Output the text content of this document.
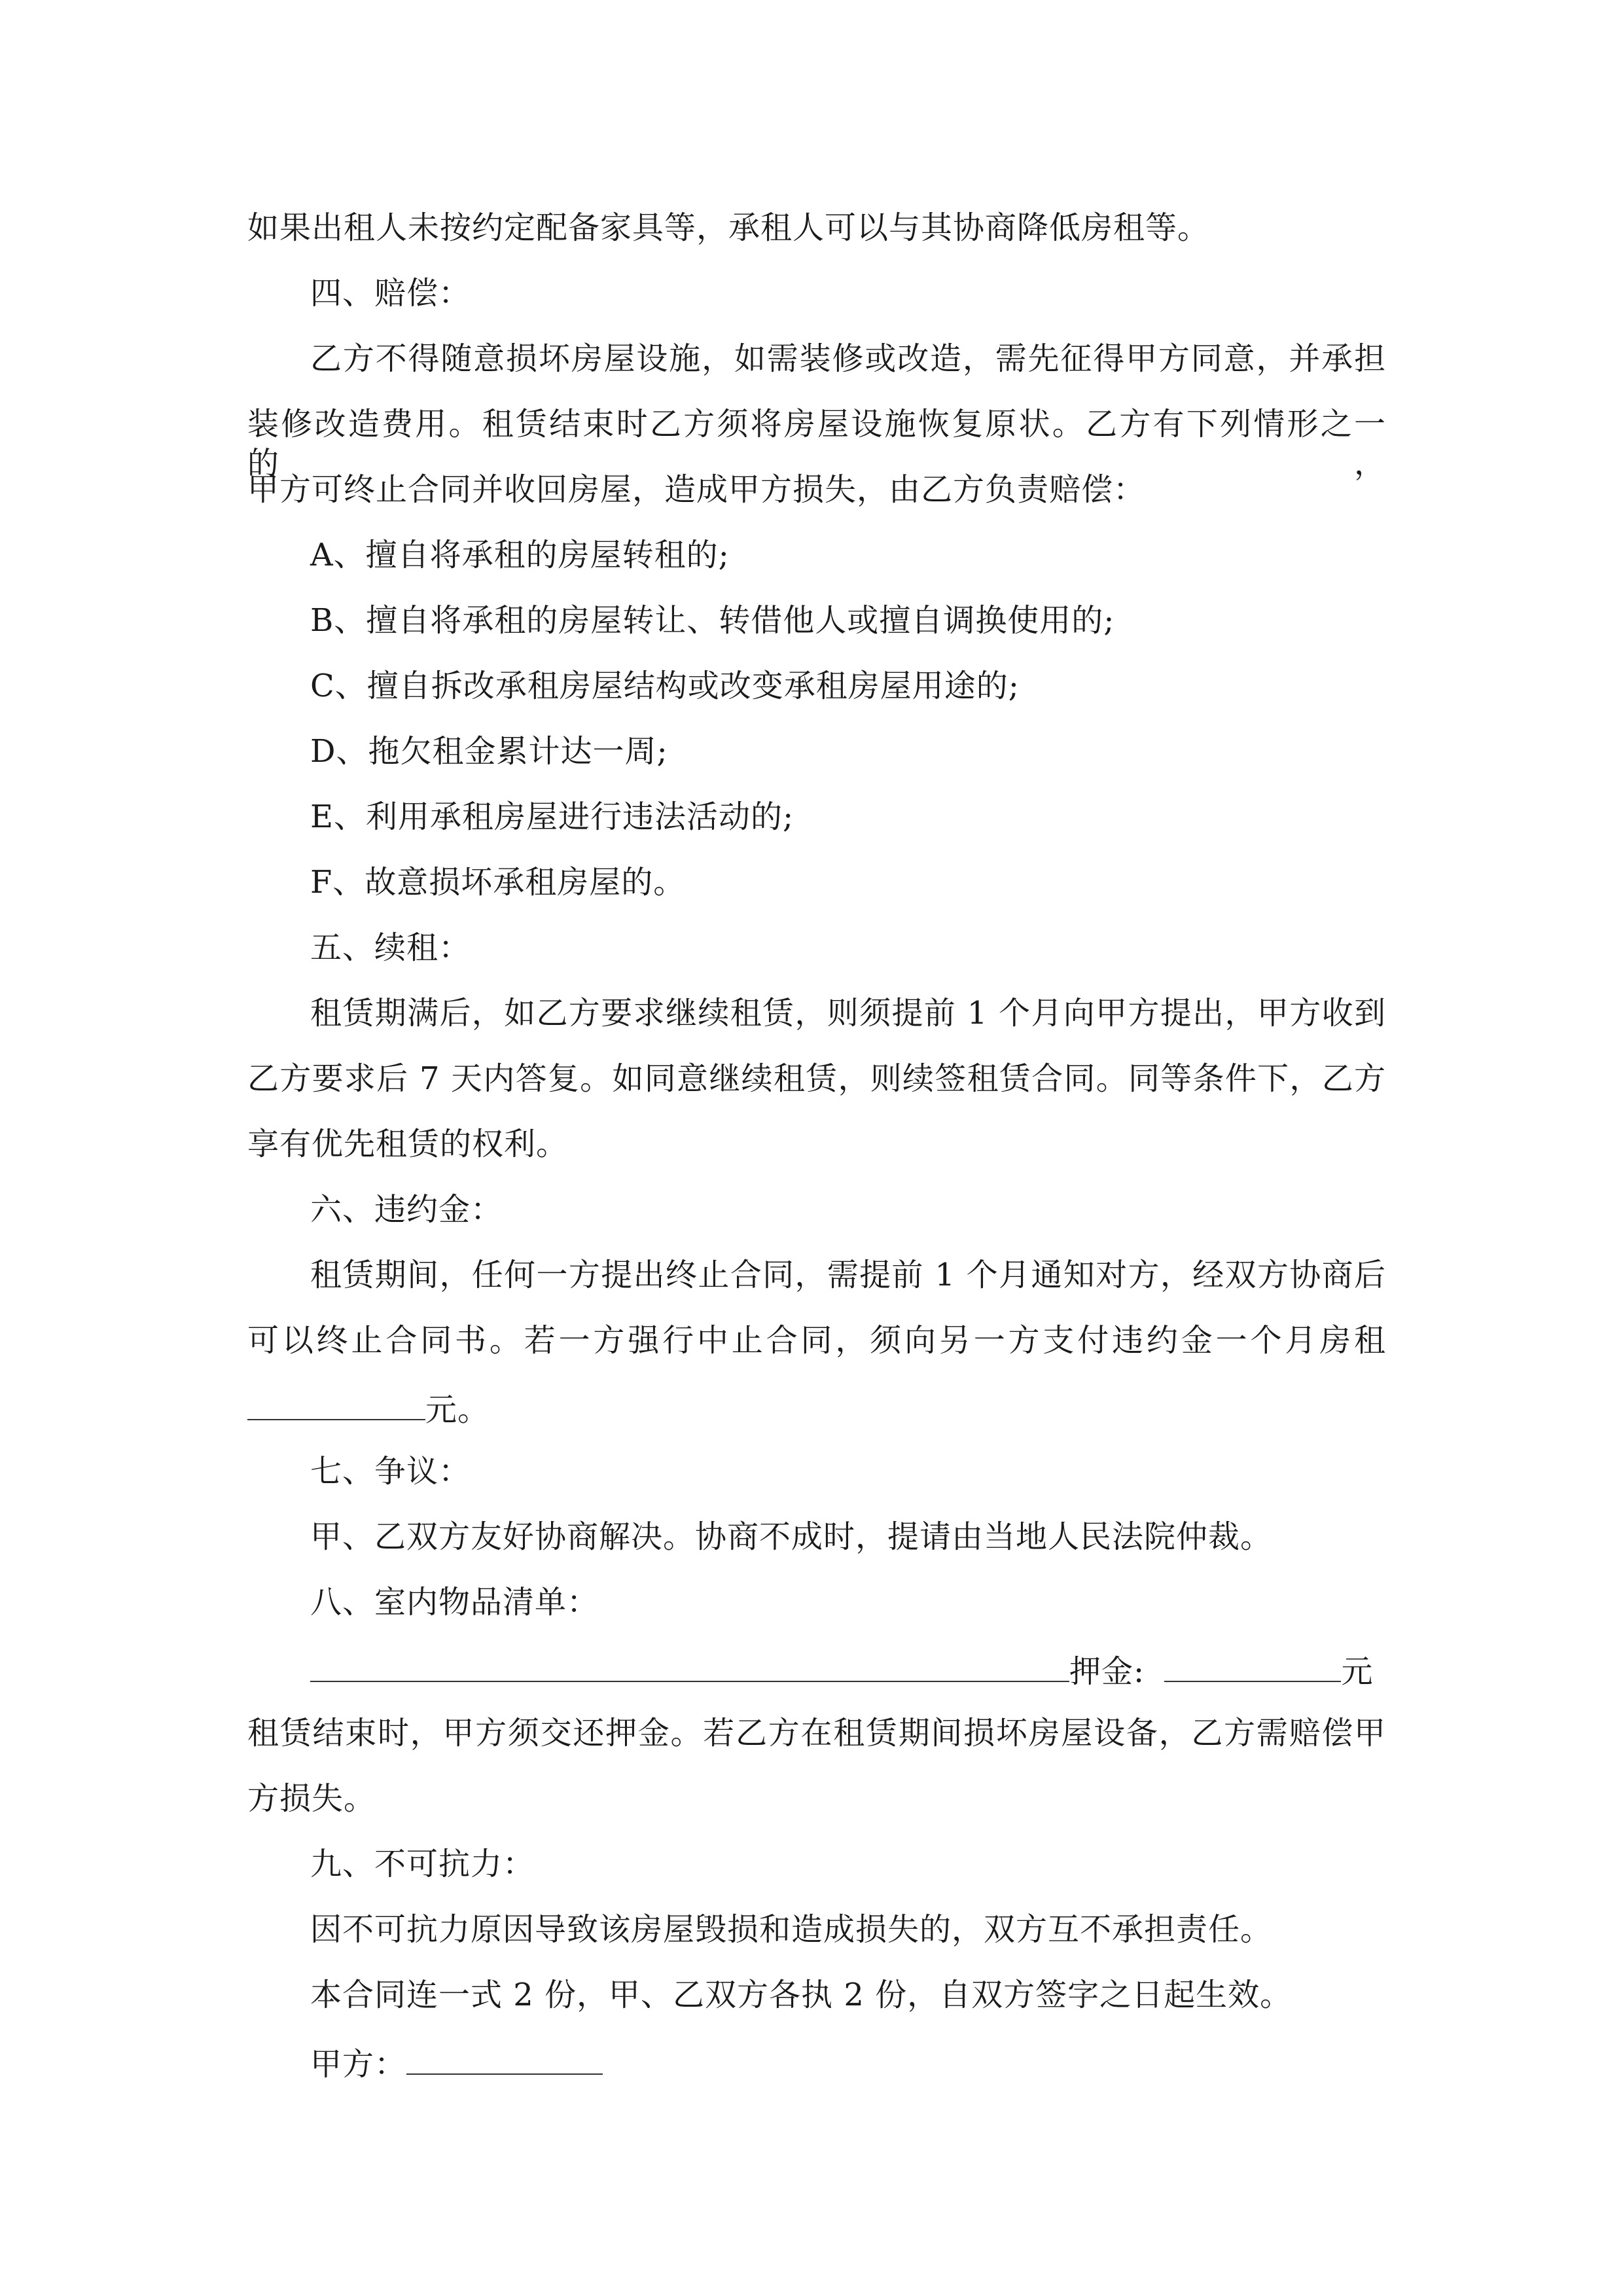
如果出租人未按约定配备家具等，承租人可以与其协商降低房租等。
四、赔偿：
乙方不得随意损坏房屋设施，如需装修或改造，需先征得甲方同意，并承担
装修改造费用。租赁结束时乙方须将房屋设施恢复原状。乙方有下列情形之一的，
甲方可终止合同并收回房屋，造成甲方损失，由乙方负责赔偿：
A、擅自将承租的房屋转租的;
B、擅自将承租的房屋转让、转借他人或擅自调换使用的;
C、擅自拆改承租房屋结构或改变承租房屋用途的;
D、拖欠租金累计达一周;
E、利用承租房屋进行违法活动的;
F、故意损坏承租房屋的。
五、续租：
租赁期满后，如乙方要求继续租赁，则须提前 1 个月向甲方提出，甲方收到
乙方要求后 7 天内答复。如同意继续租赁，则续签租赁合同。同等条件下，乙方
享有优先租赁的权利。
六、违约金：
租赁期间，任何一方提出终止合同，需提前 1 个月通知对方，经双方协商后
可以终止合同书。若一方强行中止合同，须向另一方支付违约金一个月房租
元。
七、争议：
甲、乙双方友好协商解决。协商不成时，提请由当地人民法院仲裁。
八、室内物品清单：
押金:	元
租赁结束时，甲方须交还押金。若乙方在租赁期间损坏房屋设备，乙方需赔偿甲
方损失。
九、不可抗力：
因不可抗力原因导致该房屋毁损和造成损失的，双方互不承担责任。
本合同连一式 2 份，甲、乙双方各执 2 份，自双方签字之日起生效。
甲方：
